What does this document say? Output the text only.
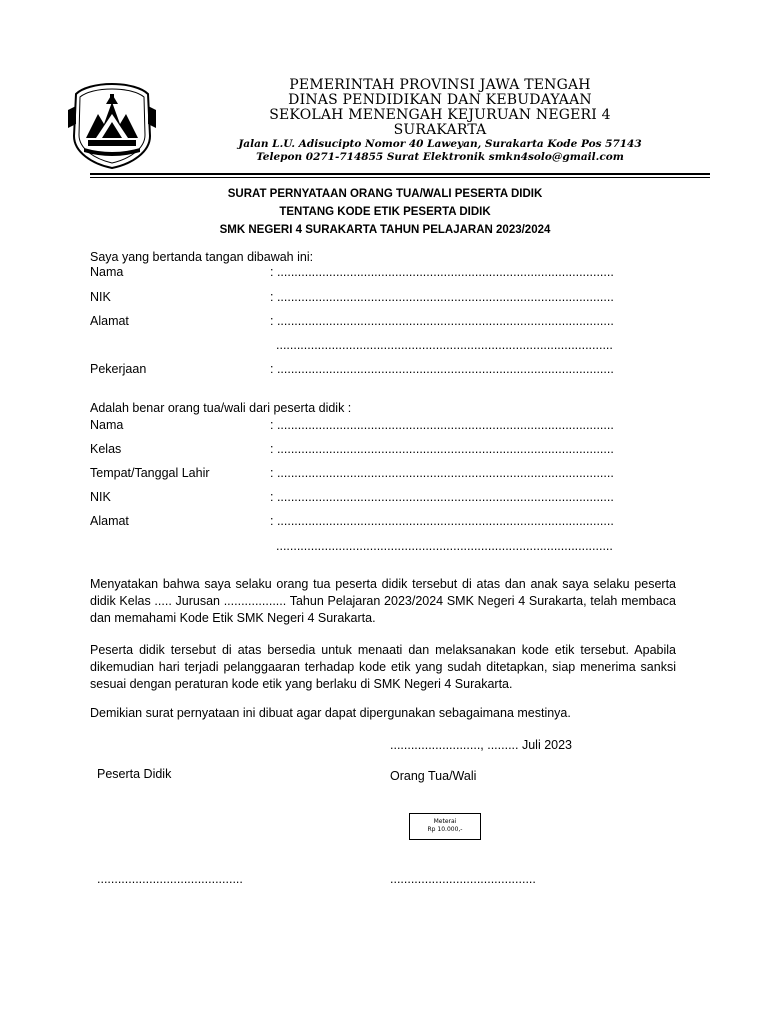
PEMERINTAH PROVINSI JAWA TENGAH
DINAS PENDIDIKAN DAN KEBUDAYAAN
SEKOLAH MENENGAH KEJURUAN NEGERI 4
SURAKARTA
Jalan L.U. Adisucipto Nomor 40 Laweyan, Surakarta Kode Pos 57143
Telepon 0271-714855 Surat Elektronik smkn4solo@gmail.com
SURAT PERNYATAAN ORANG TUA/WALI PESERTA DIDIK
TENTANG KODE ETIK PESERTA DIDIK
SMK NEGERI 4 SURAKARTA TAHUN PELAJARAN 2023/2024
Saya yang bertanda tangan dibawah ini:
Nama	: .................................................................................................
NIK	: .................................................................................................
Alamat	: .................................................................................................
.................................................................................................
Pekerjaan	: .................................................................................................
Adalah benar orang tua/wali dari peserta didik :
Nama	: .................................................................................................
Kelas	: .................................................................................................
Tempat/Tanggal Lahir	: .................................................................................................
NIK	: .................................................................................................
Alamat	: .................................................................................................
.................................................................................................
Menyatakan bahwa saya selaku orang tua peserta didik tersebut di atas dan anak saya selaku peserta didik Kelas ..... Jurusan .................. Tahun Pelajaran 2023/2024 SMK Negeri 4 Surakarta, telah membaca dan memahami Kode Etik SMK Negeri 4 Surakarta.
Peserta didik tersebut di atas bersedia untuk menaati dan melaksanakan kode etik tersebut. Apabila dikemudian hari terjadi pelanggaaran terhadap kode etik yang sudah ditetapkan, siap menerima sanksi sesuai dengan peraturan kode etik yang berlaku di SMK Negeri 4 Surakarta.
Demikian surat pernyataan ini dibuat agar dapat dipergunakan sebagaimana mestinya.
.........................., ......... Juli 2023
Peserta Didik	Orang Tua/Wali
Meterai
Rp 10.000,-
..........................................	..........................................
